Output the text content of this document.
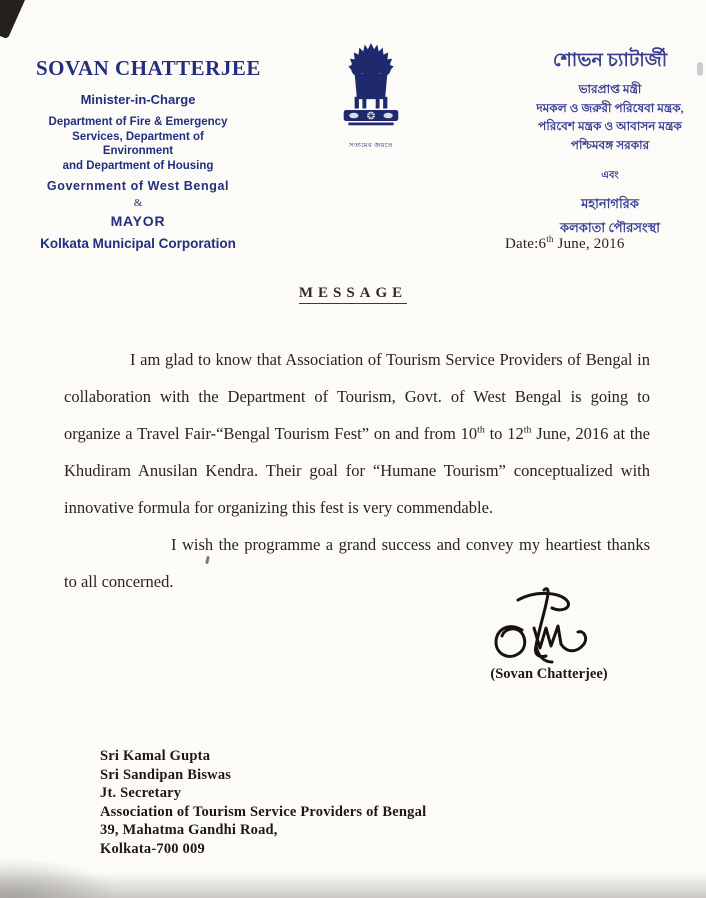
SOVAN CHATTERJEE
Minister-in-Charge
Department of Fire & Emergency
Services, Department of Environment
and Department of Housing
Government of West Bengal
&
MAYOR
Kolkata Municipal Corporation
সত্যমেব জয়তে
শোভন চ্যাটার্জী
ভারপ্রাপ্ত মন্ত্রী
দমকল ও জরুরী পরিষেবা মন্ত্রক,
পরিবেশ মন্ত্রক ও আবাসন মন্ত্রক
পশ্চিমবঙ্গ সরকার
এবং
মহানাগরিক
কলকাতা পৌরসংস্থা
Date:6th June, 2016
MESSAGE

I am glad to know that Association of Tourism Service Providers of Bengal in collaboration with the Department of Tourism, Govt. of West Bengal is going to organize a Travel Fair-“Bengal Tourism Fest” on and from 10th to 12th June, 2016 at the Khudiram Anusilan Kendra. Their goal for “Humane Tourism” conceptualized with innovative formula for organizing this fest is very commendable.

I wish the programme a grand success and convey my heartiest thanks to all concerned.

(Sovan Chatterjee)
Sri Kamal Gupta
Sri Sandipan Biswas
Jt. Secretary
Association of Tourism Service Providers of Bengal
39, Mahatma Gandhi Road,
Kolkata-700 009
